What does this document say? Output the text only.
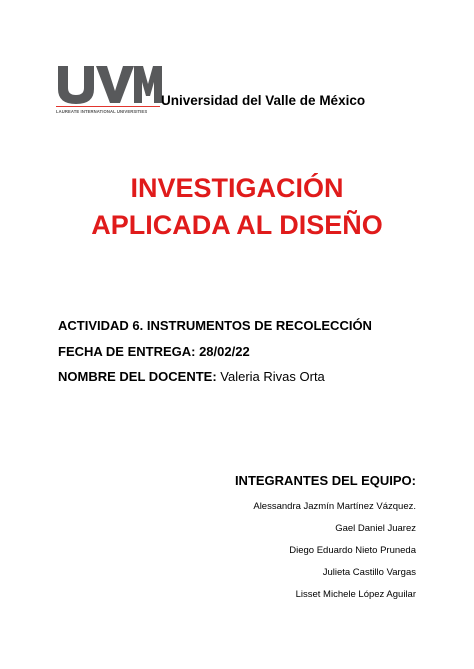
LAUREATE INTERNATIONAL UNIVERSITIES
Universidad del Valle de México
INVESTIGACIÓN
APLICADA AL DISEÑO
ACTIVIDAD 6. INSTRUMENTOS DE RECOLECCIÓN
FECHA DE ENTREGA: 28/02/22
NOMBRE DEL DOCENTE: Valeria Rivas Orta
INTEGRANTES DEL EQUIPO:
Alessandra Jazmín Martínez Vázquez.
Gael Daniel Juarez
Diego Eduardo Nieto Pruneda
Julieta Castillo Vargas
Lisset Michele López Aguilar
